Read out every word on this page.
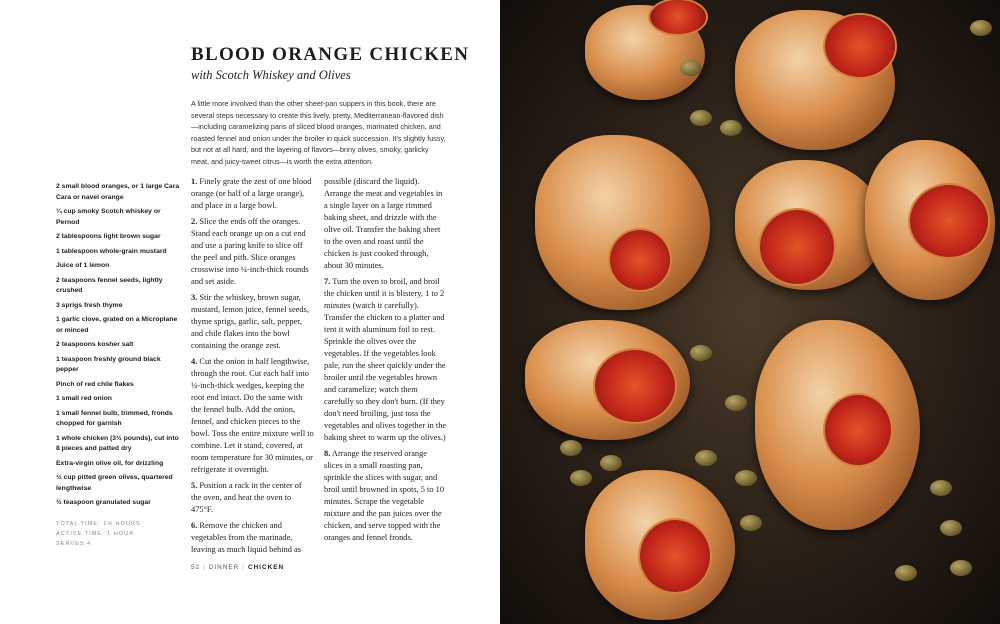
BLOOD ORANGE CHICKEN
with Scotch Whiskey and Olives

2 small blood oranges, or 1 large Cara Cara or navel orange

¼ cup smoky Scotch whiskey or Pernod

2 tablespoons light brown sugar

1 tablespoon whole-grain mustard

Juice of 1 lemon

2 teaspoons fennel seeds, lightly crushed

3 sprigs fresh thyme

1 garlic clove, grated on a Microplane or minced

2 teaspoons kosher salt

1 teaspoon freshly ground black pepper

Pinch of red chile flakes

1 small red onion

1 small fennel bulb, trimmed, fronds chopped for garnish

1 whole chicken (3½ pounds), cut into 8 pieces and patted dry

Extra-virgin olive oil, for drizzling

½ cup pitted green olives, quartered lengthwise

½ teaspoon granulated sugar

TOTAL TIME: 1½ HOURS
ACTIVE TIME: 1 HOUR
SERVES 4

A little more involved than the other sheet-pan suppers in this book, there are several steps necessary to create this lively, pretty, Mediterranean-flavored dish—including caramelizing pans of sliced blood oranges, marinated chicken, and roasted fennel and onion under the broiler in quick succession. It's slightly fussy, but not at all hard, and the layering of flavors—briny olives, smoky, garlicky meat, and juicy-sweet citrus—is worth the extra attention.

1. Finely grate the zest of one blood orange (or half of a large orange), and place in a large bowl.

2. Slice the ends off the oranges. Stand each orange up on a cut end and use a paring knife to slice off the peel and pith. Slice oranges crosswise into ¼-inch-thick rounds and set aside.

3. Stir the whiskey, brown sugar, mustard, lemon juice, fennel seeds, thyme sprigs, garlic, salt, pepper, and chile flakes into the bowl containing the orange zest.

4. Cut the onion in half lengthwise, through the root. Cut each half into ¼-inch-thick wedges, keeping the root end intact. Do the same with the fennel bulb. Add the onion, fennel, and chicken pieces to the bowl. Toss the entire mixture well to combine. Let it stand, covered, at room temperature for 30 minutes, or refrigerate it overnight.

5. Position a rack in the center of the oven, and heat the oven to 475°F.

6. Remove the chicken and vegetables from the marinade, leaving as much liquid behind as possible (discard the liquid). Arrange the meat and vegetables in a single layer on a large rimmed baking sheet, and drizzle with the olive oil. Transfer the baking sheet to the oven and roast until the chicken is just cooked through, about 30 minutes.

7. Turn the oven to broil, and broil the chicken until it is blistery, 1 to 2 minutes (watch it carefully). Transfer the chicken to a platter and tent it with aluminum foil to rest. Sprinkle the olives over the vegetables. If the vegetables look pale, run the sheet quickly under the broiler until the vegetables brown and caramelize; watch them carefully so they don't burn. (If they don't need broiling, just toss the vegetables and olives together in the baking sheet to warm up the olives.)

8. Arrange the reserved orange slices in a small roasting pan, sprinkle the slices with sugar, and broil until browned in spots, 5 to 10 minutes. Scrape the vegetable mixture and the pan juices over the chicken, and serve topped with the oranges and fennel fronds.

52 | DINNER | CHICKEN
